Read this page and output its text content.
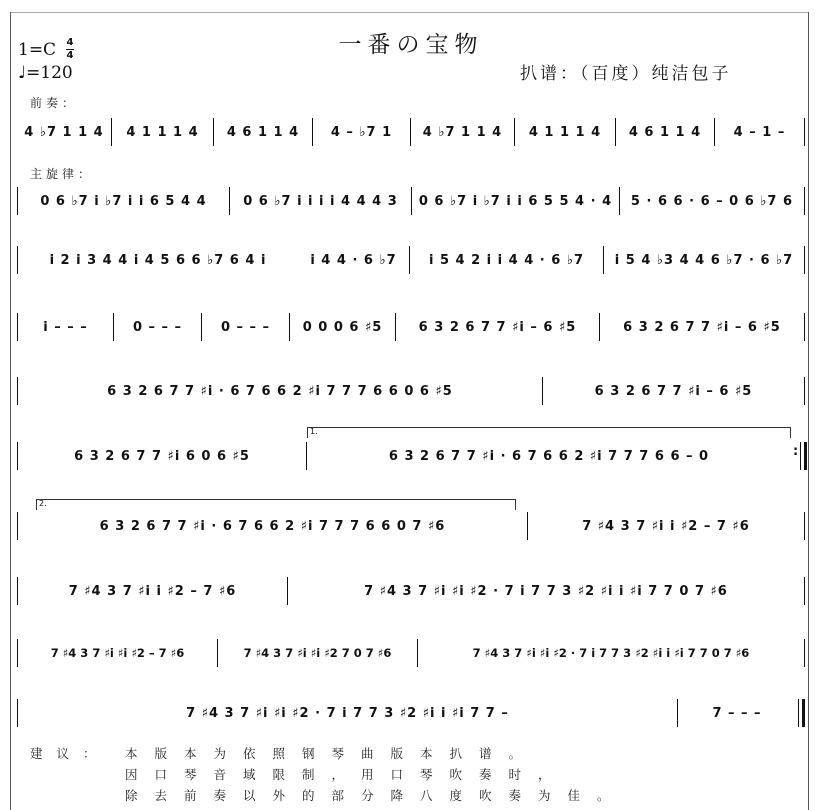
一番の宝物
1=C 4
4
♩=120	扒谱：（百度）纯洁包子
前奏：
主旋律：
4 ♭7 1 1 4	4 1 1 1 4	4 6 1 1 4	4 – ♭7 1	4 ♭7 1 1 4	4 1 1 1 4	4 6 1 1 4	4 – 1 –
0 6 ♭7 i ♭7 i i 6 5 4 4	0 6 ♭7 i i i i 4 4 4 3	0 6 ♭7 i ♭7 i i 6 5 5 4 · 4	5 · 6 6 · 6 – 0 6 ♭7 6
i 2 i 3 4 4 i 4 5 6 6 ♭7 6 4 i	i 4 4 · 6 ♭7	i 5 4 2 i i 4 4 · 6 ♭7	i 5 4 ♭3 4 4 6 ♭7 · 6 ♭7
i – – –	0 – – –	0 – – –	0 0 0 6 ♯5	6 3 2 6 7 7 ♯i – 6 ♯5	6 3 2 6 7 7 ♯i – 6 ♯5
6 3 2 6 7 7 ♯i · 6 7 6 6 2 ♯i 7 7 7 6 6 0 6 ♯5	6 3 2 6 7 7 ♯i – 6 ♯5
1.
6 3 2 6 7 7 ♯i 6 0 6 ♯5	6 3 2 6 7 7 ♯i · 6 7 6 6 2 ♯i 7 7 7 6 6 – 0	:
2.
6 3 2 6 7 7 ♯i · 6 7 6 6 2 ♯i 7 7 7 6 6 0 7 ♯6	7 ♯4 3 7 ♯i i ♯2 – 7 ♯6
7 ♯4 3 7 ♯i i ♯2 – 7 ♯6	7 ♯4 3 7 ♯i ♯i ♯2 · 7 i 7 7 3 ♯2 ♯i i ♯i 7 7 0 7 ♯6
7 ♯4 3 7 ♯i ♯i ♯2 – 7 ♯6	7 ♯4 3 7 ♯i ♯i ♯2 7 0 7 ♯6	7 ♯4 3 7 ♯i ♯i ♯2 · 7 i 7 7 3 ♯2 ♯i i ♯i 7 7 0 7 ♯6
7 ♯4 3 7 ♯i ♯i ♯2 · 7 i 7 7 3 ♯2 ♯i i ♯i 7 7 –	7 – – –
建议：	本版本为依照钢琴曲版本扒谱。
因口琴音域限制，用口琴吹奏时，
除去前奏以外的部分降八度吹奏为佳。
